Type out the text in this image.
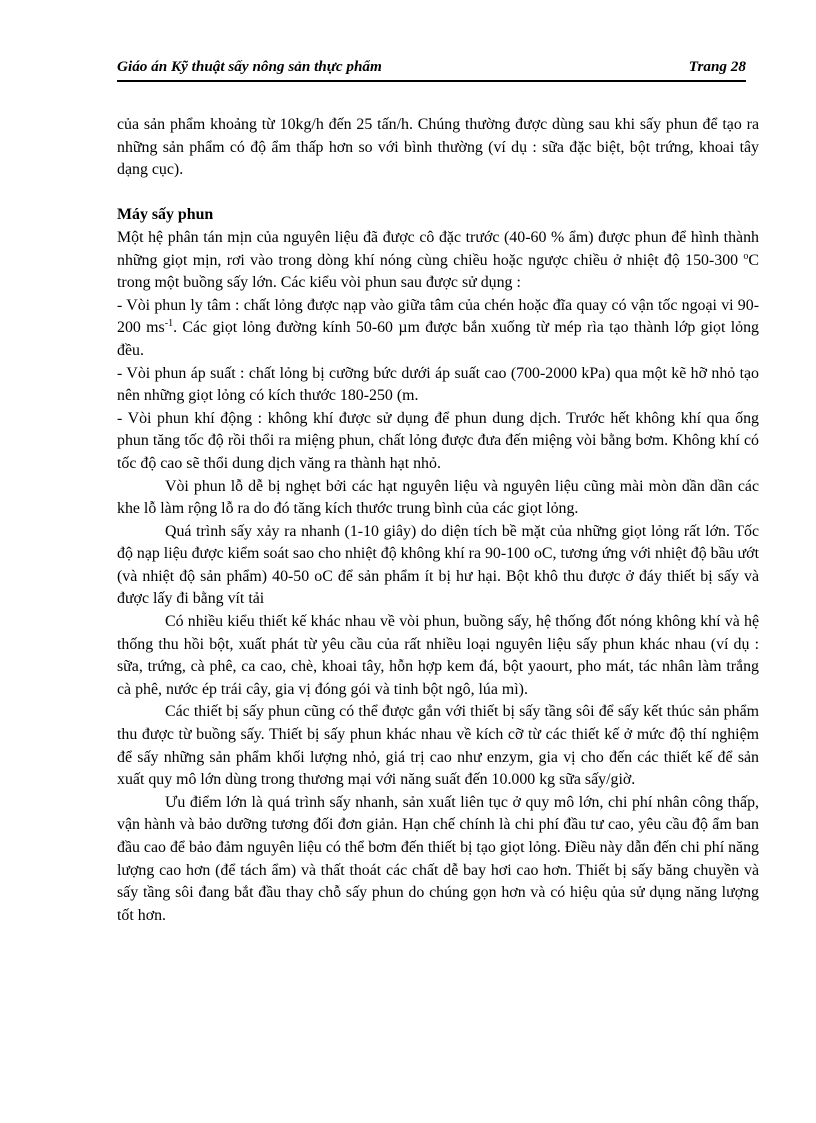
Giáo án Kỹ thuật sấy nông sản thực phẩm	Trang 28

của sản phẩm khoảng từ 10kg/h đến 25 tấn/h. Chúng thường được dùng sau khi sấy phun để tạo ra những sản phẩm có độ ẩm thấp hơn so với bình thường (ví dụ : sữa đặc biệt, bột trứng, khoai tây dạng cục).

Máy sấy phun

Một hệ phân tán mịn của nguyên liệu đã được cô đặc trước (40-60 % ẩm) được phun để hình thành những giọt mịn, rơi vào trong dòng khí nóng cùng chiều hoặc ngược chiều ở nhiệt độ 150-300 $^o$C trong một buồng sấy lớn. Các kiểu vòi phun sau được sử dụng :

- Vòi phun ly tâm : chất lỏng được nạp vào giữa tâm của chén hoặc đĩa quay có vận tốc ngoại vi 90-200 $ms^{-1}$. Các giọt lỏng đường kính 50-60 µm được bắn xuống từ mép rìa tạo thành lớp giọt lỏng đều.

- Vòi phun áp suất : chất lỏng bị cưỡng bức dưới áp suất cao (700-2000 kPa) qua một kẽ hỡ nhỏ tạo nên những giọt lỏng có kích thước 180-250 (m.

- Vòi phun khí động : không khí được sử dụng để phun dung dịch. Trước hết không khí qua ống phun tăng tốc độ rồi thổi ra miệng phun, chất lỏng được đưa đến miệng vòi bằng bơm. Không khí có tốc độ cao sẽ thổi dung dịch văng ra thành hạt nhỏ.

Vòi phun lỗ dễ bị nghẹt bởi các hạt nguyên liệu và nguyên liệu cũng mài mòn dần dần các khe lỗ làm rộng lỗ ra do đó tăng kích thước trung bình của các giọt lỏng.

Quá trình sấy xảy ra nhanh (1-10 giây) do diện tích bề mặt của những giọt lỏng rất lớn. Tốc độ nạp liệu được kiểm soát sao cho nhiệt độ không khí ra 90-100 oC, tương ứng với nhiệt độ bầu ướt (và nhiệt độ sản phẩm) 40-50 oC để sản phẩm ít bị hư hại. Bột khô thu được ở đáy thiết bị sấy và được lấy đi bằng vít tải

Có nhiều kiểu thiết kế khác nhau về vòi phun, buồng sấy, hệ thống đốt nóng không khí và hệ thống thu hồi bột, xuất phát từ yêu cầu của rất nhiều loại nguyên liệu sấy phun khác nhau (ví dụ : sữa, trứng, cà phê, ca cao, chè, khoai tây, hỗn hợp kem đá, bột yaourt, pho mát, tác nhân làm trắng cà phê, nước ép trái cây, gia vị đóng gói và tinh bột ngô, lúa mì).

Các thiết bị sấy phun cũng có thể được gắn với thiết bị sấy tầng sôi để sấy kết thúc sản phẩm thu được từ buồng sấy. Thiết bị sấy phun khác nhau về kích cỡ từ các thiết kế ở mức độ thí nghiệm để sấy những sản phẩm khối lượng nhỏ, giá trị cao như enzym, gia vị cho đến các thiết kế để sản xuất quy mô lớn dùng trong thương mại với năng suất đến 10.000 kg sữa sấy/giờ.

Ưu điểm lớn là quá trình sấy nhanh, sản xuất liên tục ở quy mô lớn, chi phí nhân công thấp, vận hành và bảo dưỡng tương đối đơn giản. Hạn chế chính là chi phí đầu tư cao, yêu cầu độ ẩm ban đầu cao để bảo đảm nguyên liệu có thể bơm đến thiết bị tạo giọt lỏng. Điều này dẫn đến chi phí năng lượng cao hơn (để tách ẩm) và thất thoát các chất dễ bay hơi cao hơn. Thiết bị sấy băng chuyền và sấy tầng sôi đang bắt đầu thay chỗ sấy phun do chúng gọn hơn và có hiệu qủa sử dụng năng lượng tốt hơn.
